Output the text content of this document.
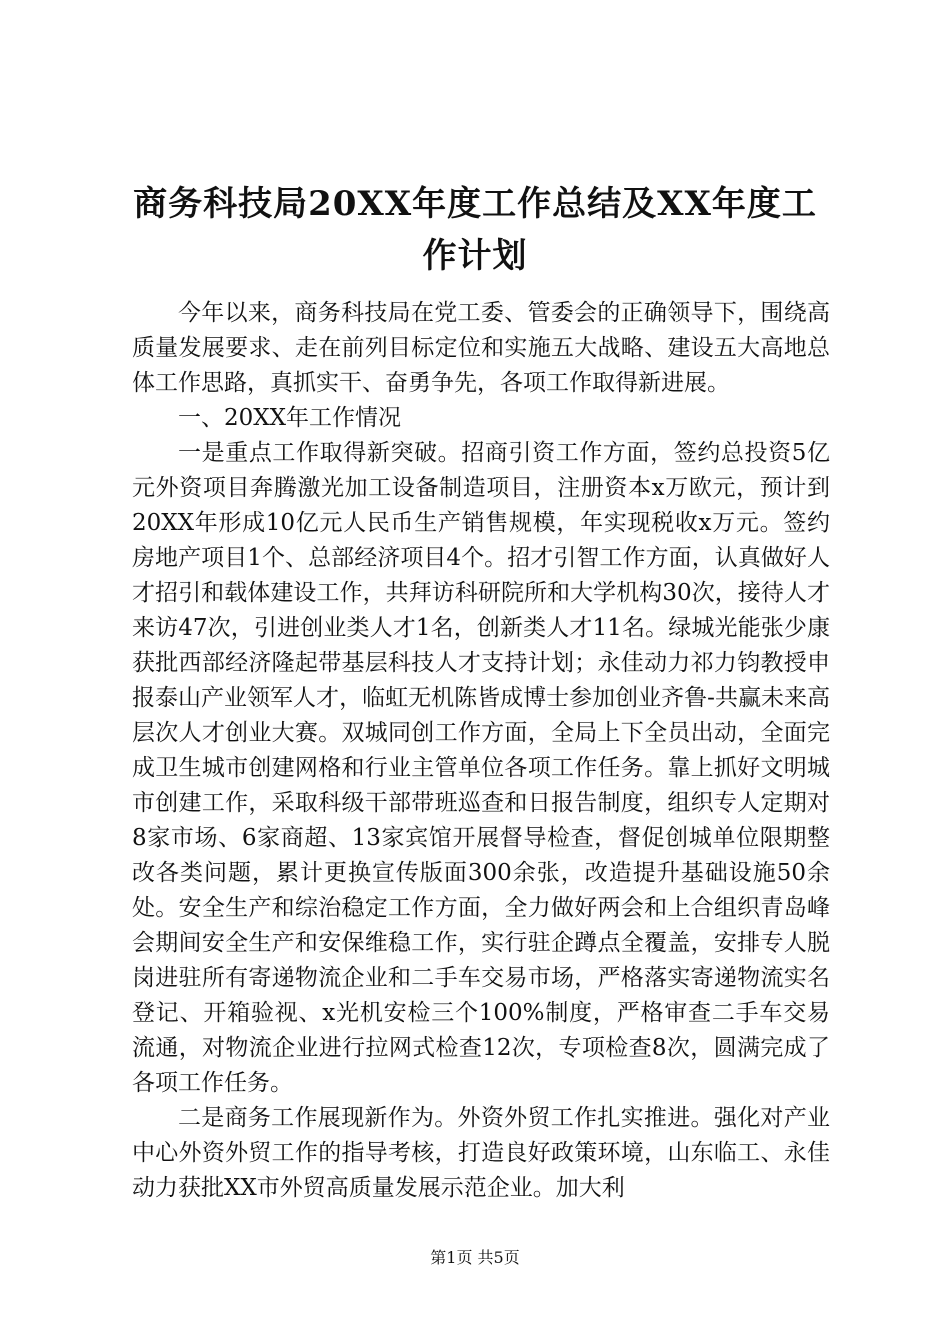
商务科技局20XX年度工作总结及XX年度工作计划

今年以来，商务科技局在党工委、管委会的正确领导下，围绕高质量发展要求、走在前列目标定位和实施五大战略、建设五大高地总体工作思路，真抓实干、奋勇争先，各项工作取得新进展。

一、20XX年工作情况

一是重点工作取得新突破。招商引资工作方面，签约总投资5亿元外资项目奔腾激光加工设备制造项目，注册资本x万欧元，预计到20XX年形成10亿元人民币生产销售规模，年实现税收x万元。签约房地产项目1个、总部经济项目4个。招才引智工作方面，认真做好人才招引和载体建设工作，共拜访科研院所和大学机构30次，接待人才来访47次，引进创业类人才1名，创新类人才11名。绿城光能张少康获批西部经济隆起带基层科技人才支持计划；永佳动力祁力钧教授申报泰山产业领军人才，临虹无机陈皆成博士参加创业齐鲁-共赢未来高层次人才创业大赛。双城同创工作方面，全局上下全员出动，全面完成卫生城市创建网格和行业主管单位各项工作任务。靠上抓好文明城市创建工作，采取科级干部带班巡查和日报告制度，组织专人定期对8家市场、6家商超、13家宾馆开展督导检查，督促创城单位限期整改各类问题，累计更换宣传版面300余张，改造提升基础设施50余处。安全生产和综治稳定工作方面，全力做好两会和上合组织青岛峰会期间安全生产和安保维稳工作，实行驻企蹲点全覆盖，安排专人脱岗进驻所有寄递物流企业和二手车交易市场，严格落实寄递物流实名登记、开箱验视、x光机安检三个100%制度，严格审查二手车交易流通，对物流企业进行拉网式检查12次，专项检查8次，圆满完成了各项工作任务。

二是商务工作展现新作为。外资外贸工作扎实推进。强化对产业中心外资外贸工作的指导考核，打造良好政策环境，山东临工、永佳动力获批XX市外贸高质量发展示范企业。加大利

第1页 共5页
